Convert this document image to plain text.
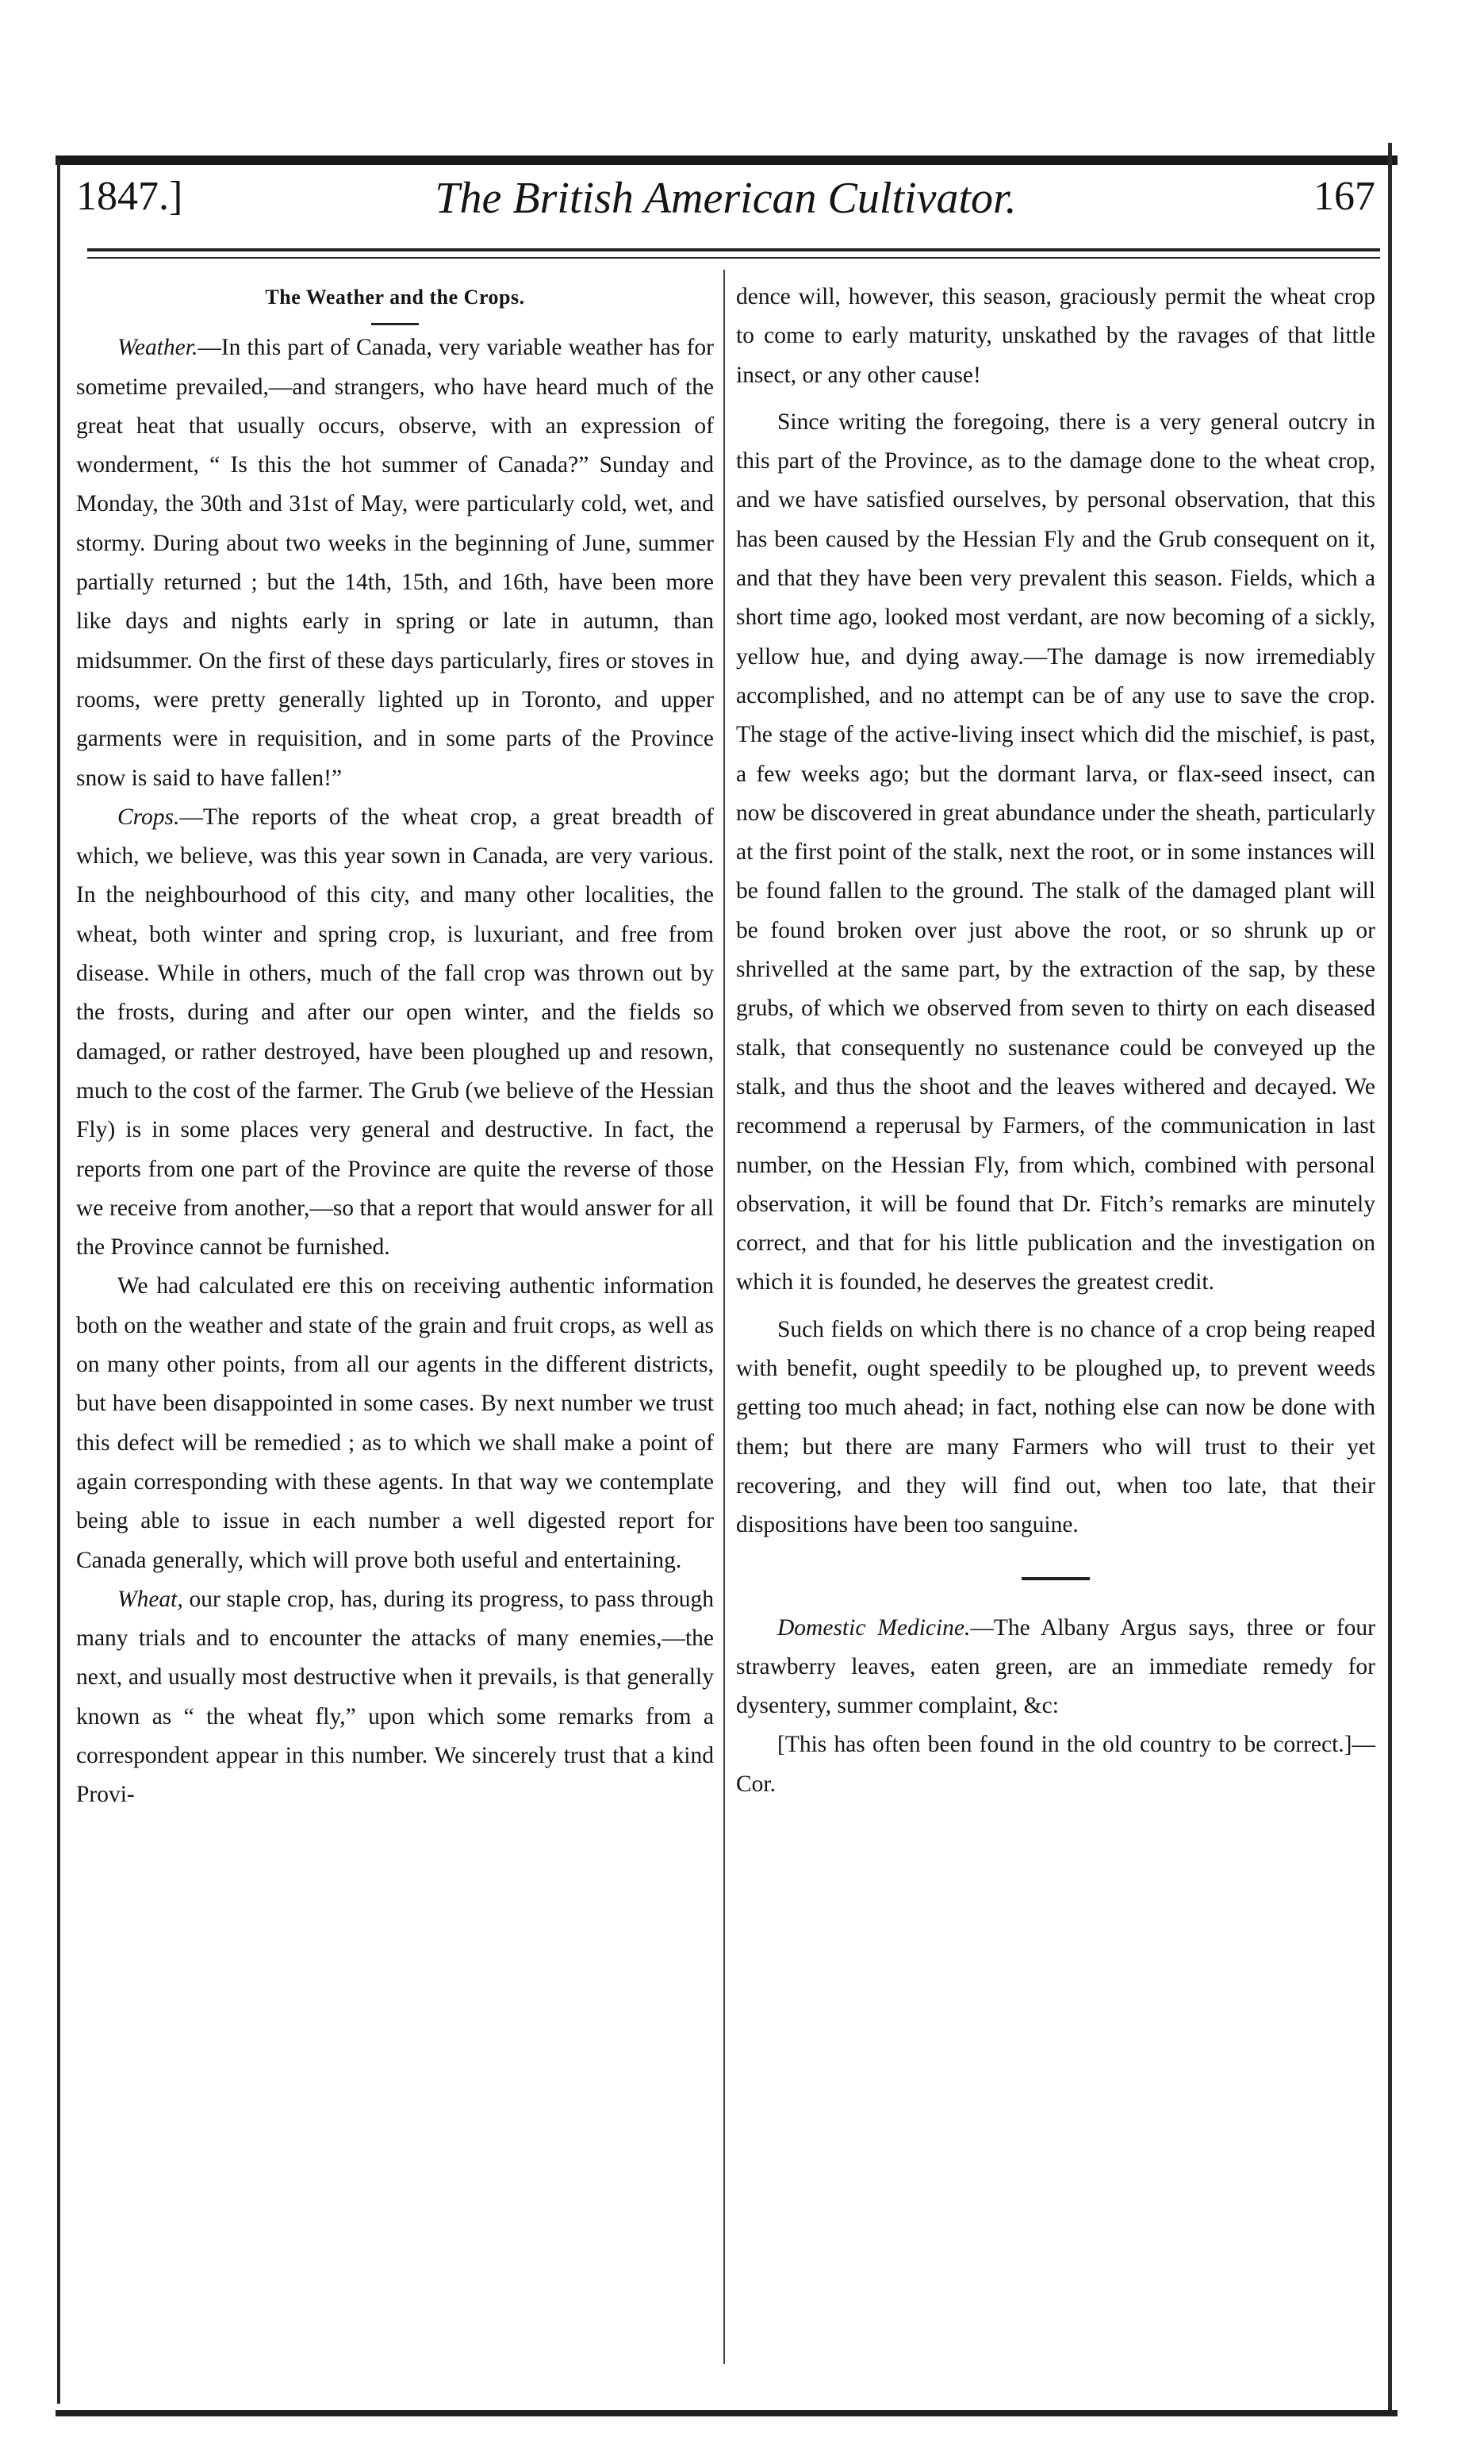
1847.]	The British American Cultivator.	167
The Weather and the Crops.

Weather.—In this part of Canada, very variable weather has for sometime prevailed,—and strangers, who have heard much of the great heat that usually occurs, observe, with an expression of wonderment, “ Is this the hot summer of Canada?” Sunday and Monday, the 30th and 31st of May, were particularly cold, wet, and stormy. During about two weeks in the beginning of June, summer partially returned ; but the 14th, 15th, and 16th, have been more like days and nights early in spring or late in autumn, than midsummer. On the first of these days particularly, fires or stoves in rooms, were pretty generally lighted up in Toronto, and upper garments were in requisition, and in some parts of the Province snow is said to have fallen!”

Crops.—The reports of the wheat crop, a great breadth of which, we believe, was this year sown in Canada, are very various. In the neighbourhood of this city, and many other localities, the wheat, both winter and spring crop, is luxuriant, and free from disease. While in others, much of the fall crop was thrown out by the frosts, during and after our open winter, and the fields so damaged, or rather destroyed, have been ploughed up and resown, much to the cost of the farmer. The Grub (we believe of the Hessian Fly) is in some places very general and destructive. In fact, the reports from one part of the Province are quite the reverse of those we receive from another,—so that a report that would answer for all the Province cannot be furnished.

We had calculated ere this on receiving authentic information both on the weather and state of the grain and fruit crops, as well as on many other points, from all our agents in the different districts, but have been disappointed in some cases. By next number we trust this defect will be remedied ; as to which we shall make a point of again corresponding with these agents. In that way we contemplate being able to issue in each number a well digested report for Canada generally, which will prove both useful and entertaining.

Wheat, our staple crop, has, during its progress, to pass through many trials and to encounter the attacks of many enemies,—the next, and usually most destructive when it prevails, is that generally known as “ the wheat fly,” upon which some remarks from a correspondent appear in this number. We sincerely trust that a kind Provi-

dence will, however, this season, graciously permit the wheat crop to come to early maturity, unskathed by the ravages of that little insect, or any other cause!

Since writing the foregoing, there is a very general outcry in this part of the Province, as to the damage done to the wheat crop, and we have satisfied ourselves, by personal observation, that this has been caused by the Hessian Fly and the Grub consequent on it, and that they have been very prevalent this season. Fields, which a short time ago, looked most verdant, are now becoming of a sickly, yellow hue, and dying away.—The damage is now irremediably accomplished, and no attempt can be of any use to save the crop. The stage of the active-living insect which did the mischief, is past, a few weeks ago; but the dormant larva, or flax-seed insect, can now be discovered in great abundance under the sheath, particularly at the first point of the stalk, next the root, or in some instances will be found fallen to the ground. The stalk of the damaged plant will be found broken over just above the root, or so shrunk up or shrivelled at the same part, by the extraction of the sap, by these grubs, of which we observed from seven to thirty on each diseased stalk, that consequently no sustenance could be conveyed up the stalk, and thus the shoot and the leaves withered and decayed. We recommend a reperusal by Farmers, of the communication in last number, on the Hessian Fly, from which, combined with personal observation, it will be found that Dr. Fitch’s remarks are minutely correct, and that for his little publication and the investigation on which it is founded, he deserves the greatest credit.

Such fields on which there is no chance of a crop being reaped with benefit, ought speedily to be ploughed up, to prevent weeds getting too much ahead; in fact, nothing else can now be done with them; but there are many Farmers who will trust to their yet recovering, and they will find out, when too late, that their dispositions have been too sanguine.

Domestic Medicine.—The Albany Argus says, three or four strawberry leaves, eaten green, are an immediate remedy for dysentery, summer complaint, &c:

[This has often been found in the old country to be correct.]—Cor.
